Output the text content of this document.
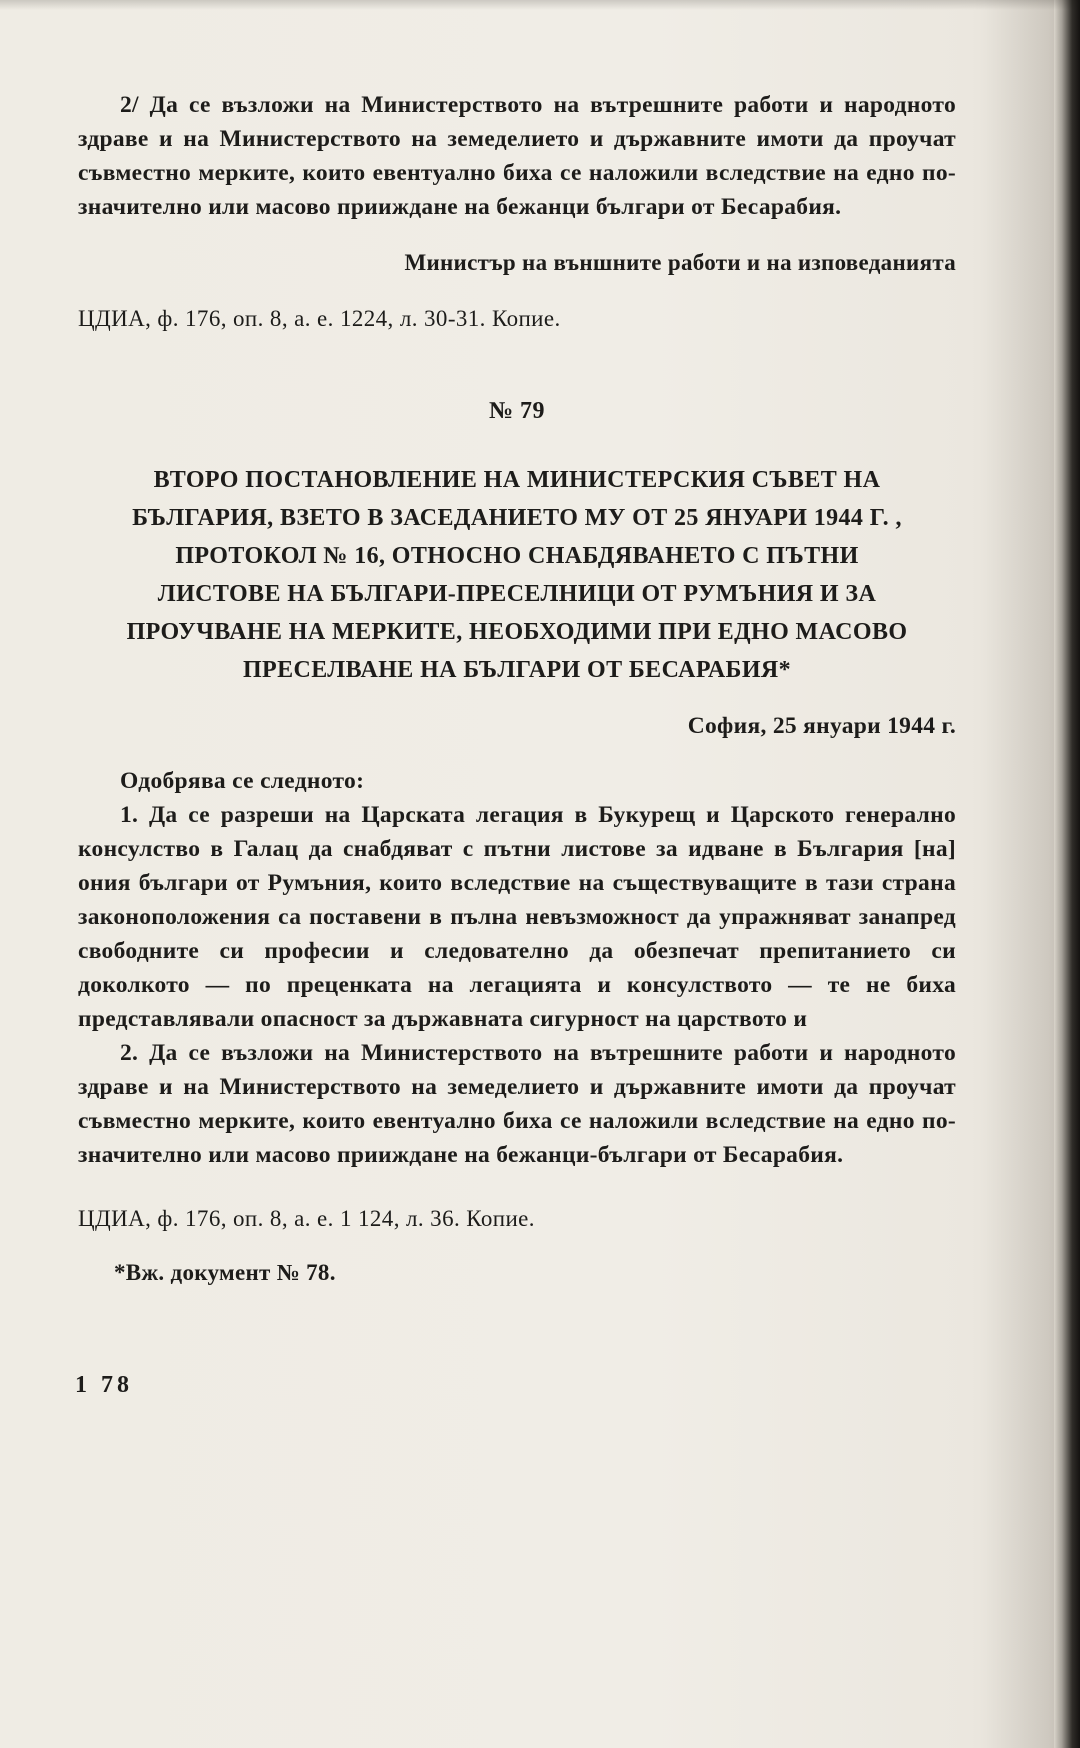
2/ Да се възложи на Министерството на вътрешните работи и народното здраве и на Министерството на земеделието и държавните имоти да проучат съвместно мерките, които евентуално биха се наложили вследствие на едно по-значително или масово прииждане на бежанци българи от Бесарабия.

Министър на външните работи и на изповеданията
ЦДИА, ф. 176, оп. 8, а. е. 1224, л. 30-31. Копие.
№ 79
ВТОРО ПОСТАНОВЛЕНИЕ НА МИНИСТЕРСКИЯ СЪВЕТ НА БЪЛГАРИЯ, ВЗЕТО В ЗАСЕДАНИЕТО МУ ОТ 25 ЯНУАРИ 1944 Г. , ПРОТОКОЛ № 16, ОТНОСНО СНАБДЯВАНЕТО С ПЪТНИ ЛИСТОВЕ НА БЪЛГАРИ-ПРЕСЕЛНИЦИ ОТ РУМЪНИЯ И ЗА ПРОУЧВАНЕ НА МЕРКИТЕ, НЕОБХОДИМИ ПРИ ЕДНО МАСОВО ПРЕСЕЛВАНЕ НА БЪЛГАРИ ОТ БЕСАРАБИЯ*
София, 25 януари 1944 г.

Одобрява се следното:

1. Да се разреши на Царската легация в Букурещ и Царското генерално консулство в Галац да снабдяват с пътни листове за идване в България [на] ония българи от Румъния, които вследствие на съществуващите в тази страна законоположения са поставени в пълна невъзможност да упражняват занапред свободните си професии и следователно да обезпечат препитанието си доколкото — по преценката на легацията и консулството — те не биха представлявали опасност за държавната сигурност на царството и

2. Да се възложи на Министерството на вътрешните работи и народното здраве и на Министерството на земеделието и държавните имоти да проучат съвместно мерките, които евентуално биха се наложили вследствие на едно по-значително или масово прииждане на бежанци-българи от Бесарабия.

ЦДИА, ф. 176, оп. 8, а. е. 1 124, л. 36. Копие.
*Вж. документ № 78.
1 78
